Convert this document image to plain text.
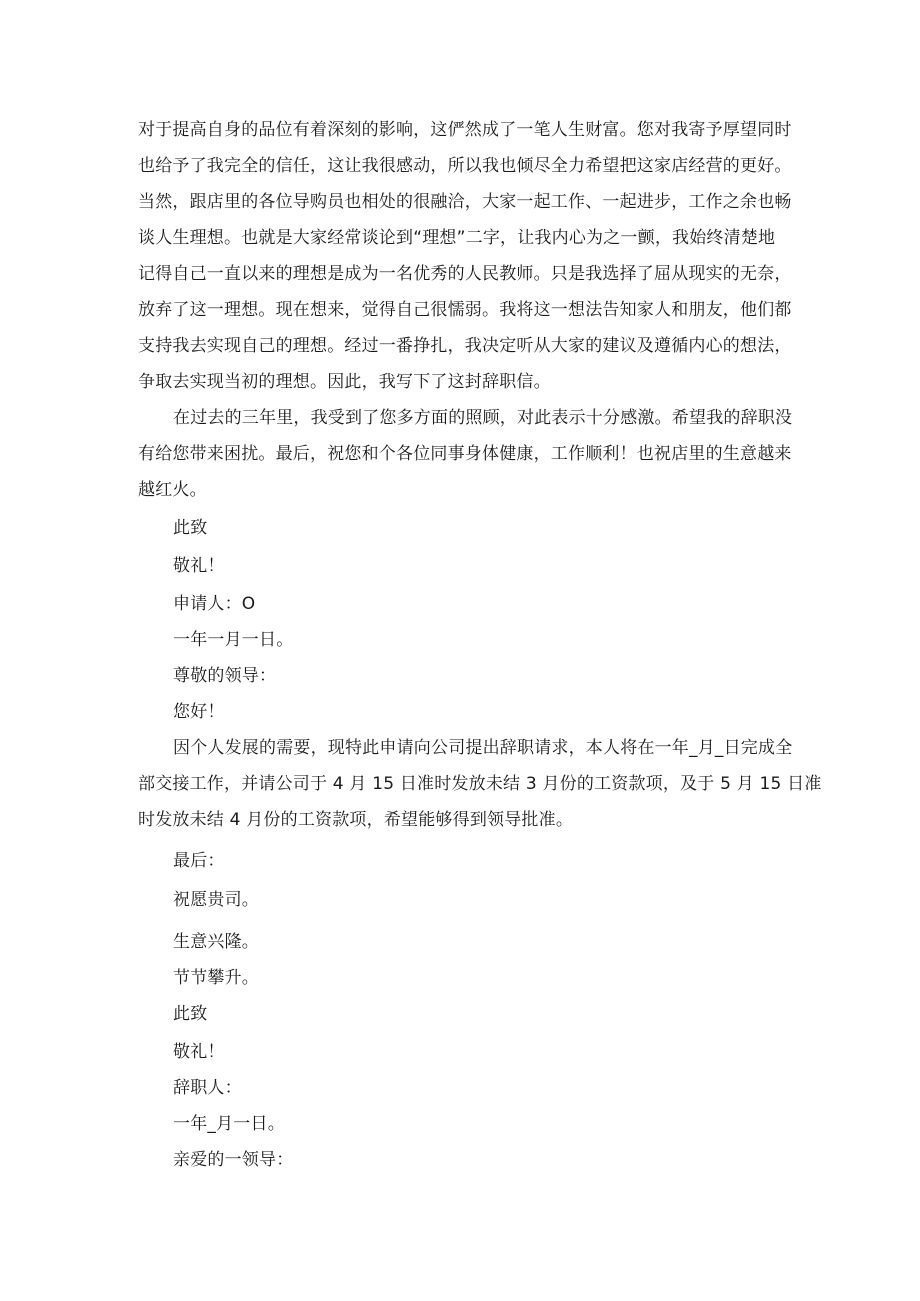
对于提高自身的品位有着深刻的影响，这俨然成了一笔人生财富。您对我寄予厚望同时
也给予了我完全的信任，这让我很感动，所以我也倾尽全力希望把这家店经营的更好。
当然，跟店里的各位导购员也相处的很融洽，大家一起工作、一起进步，工作之余也畅
谈人生理想。也就是大家经常谈论到“理想”二字，让我内心为之一颤，我始终清楚地
记得自己一直以来的理想是成为一名优秀的人民教师。只是我选择了屈从现实的无奈，
放弃了这一理想。现在想来，觉得自己很懦弱。我将这一想法告知家人和朋友，他们都
支持我去实现自己的理想。经过一番挣扎，我决定听从大家的建议及遵循内心的想法，
争取去实现当初的理想。因此，我写下了这封辞职信。
在过去的三年里，我受到了您多方面的照顾，对此表示十分感激。希望我的辞职没
有给您带来困扰。最后，祝您和个各位同事身体健康，工作顺利！也祝店里的生意越来
越红火。
此致
敬礼！
申请人：O
一年一月一日。
尊敬的领导：
您好！
因个人发展的需要，现特此申请向公司提出辞职请求，本人将在一年_月_日完成全
部交接工作，并请公司于 4 月 15 日准时发放未结 3 月份的工资款项，及于 5 月 15 日准
时发放未结 4 月份的工资款项，希望能够得到领导批准。
最后：
祝愿贵司。
生意兴隆。
节节攀升。
此致
敬礼！
辞职人：
一年_月一日。
亲爱的一领导：
